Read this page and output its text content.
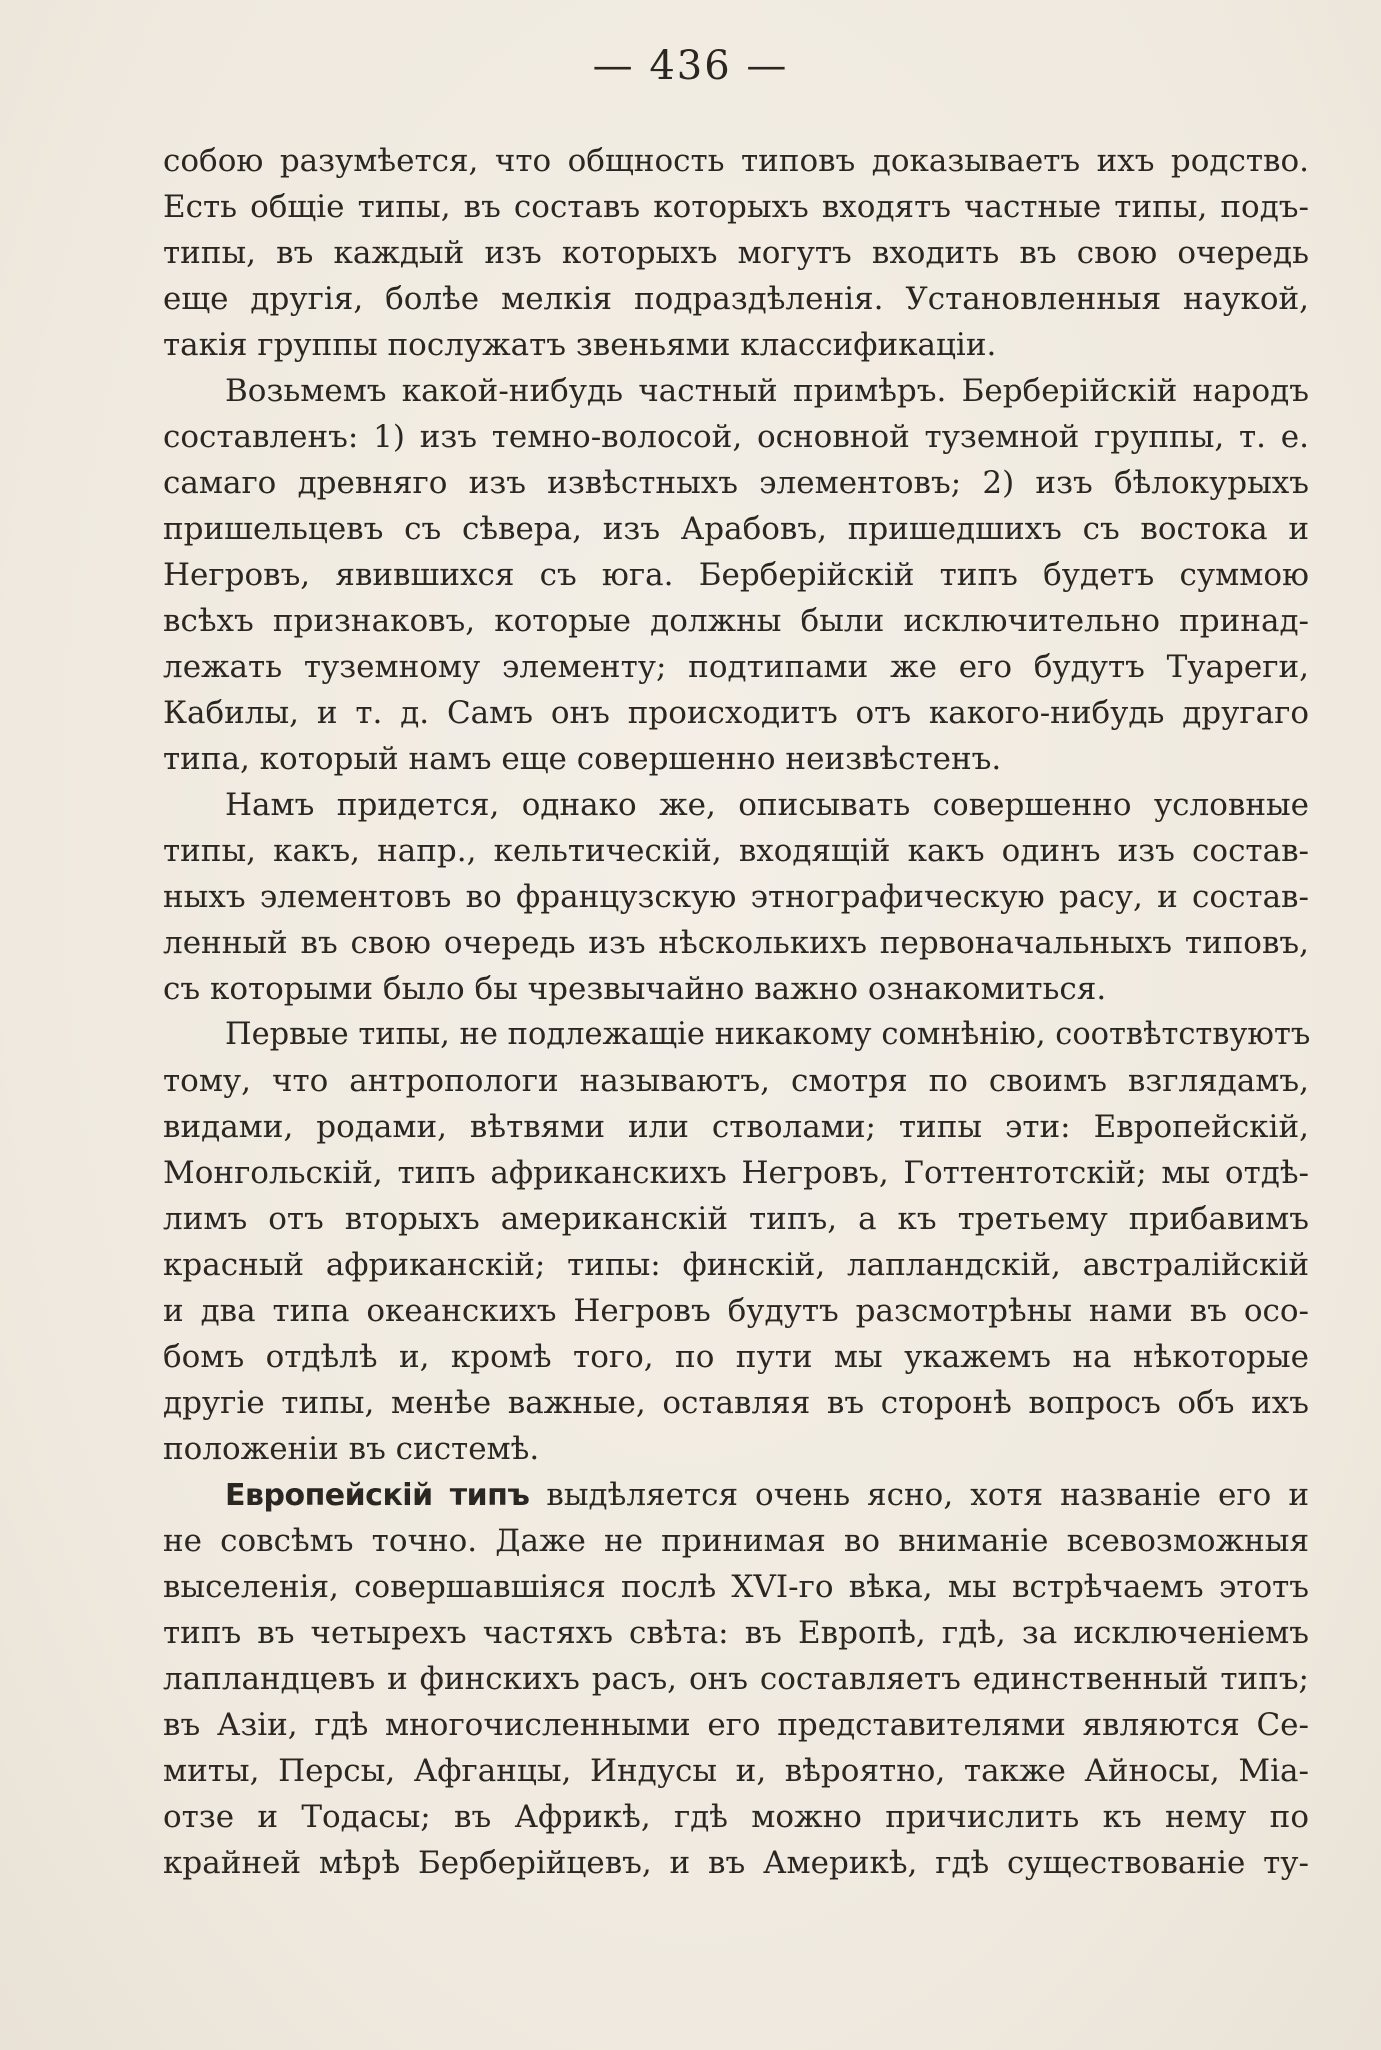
— 436 —
собою разумѣется, что общность типовъ доказываетъ ихъ родство.
Есть общіе типы, въ составъ которыхъ входятъ частные типы, подъ-
типы, въ каждый изъ которыхъ могутъ входить въ свою очередь
еще другія, болѣе мелкія подраздѣленія. Установленныя наукой,
такія группы послужатъ звеньями классификаціи.
Возьмемъ какой-нибудь частный примѣръ. Берберійскій народъ
составленъ: 1) изъ темно-волосой, основной туземной группы, т. е.
самаго древняго изъ извѣстныхъ элементовъ; 2) изъ бѣлокурыхъ
пришельцевъ съ сѣвера, изъ Арабовъ, пришедшихъ съ востока и
Негровъ, явившихся съ юга. Берберійскій типъ будетъ суммою
всѣхъ признаковъ, которые должны были исключительно принад-
лежать туземному элементу; подтипами же его будутъ Туареги,
Кабилы, и т. д. Самъ онъ происходитъ отъ какого-нибудь другаго
типа, который намъ еще совершенно неизвѣстенъ.
Намъ придется, однако же, описывать совершенно условные
типы, какъ, напр., кельтическій, входящій какъ одинъ изъ состав-
ныхъ элементовъ во французскую этнографическую расу, и состав-
ленный въ свою очередь изъ нѣсколькихъ первоначальныхъ типовъ,
съ которыми было бы чрезвычайно важно ознакомиться.
Первые типы, не подлежащіе никакому сомнѣнію, соотвѣтствуютъ
тому, что антропологи называютъ, смотря по своимъ взглядамъ,
видами, родами, вѣтвями или стволами; типы эти: Европейскій,
Монгольскій, типъ африканскихъ Негровъ, Готтентотскій; мы отдѣ-
лимъ отъ вторыхъ американскій типъ, а къ третьему прибавимъ
красный африканскій; типы: финскій, лапландскій, австралійскій
и два типа океанскихъ Негровъ будутъ разсмотрѣны нами въ осо-
бомъ отдѣлѣ и, кромѣ того, по пути мы укажемъ на нѣкоторые
другіе типы, менѣе важные, оставляя въ сторонѣ вопросъ объ ихъ
положеніи въ системѣ.
Европейскій типъ выдѣляется очень ясно, хотя названіе его и
не совсѣмъ точно. Даже не принимая во вниманіе всевозможныя
выселенія, совершавшіяся послѣ XVI-го вѣка, мы встрѣчаемъ этотъ
типъ въ четырехъ частяхъ свѣта: въ Европѣ, гдѣ, за исключеніемъ
лапландцевъ и финскихъ расъ, онъ составляетъ единственный типъ;
въ Азіи, гдѣ многочисленными его представителями являются Се-
миты, Персы, Афганцы, Индусы и, вѣроятно, также Айносы, Міа-
отзе и Тодасы; въ Африкѣ, гдѣ можно причислить къ нему по
крайней мѣрѣ Берберійцевъ, и въ Америкѣ, гдѣ существованіе ту-
